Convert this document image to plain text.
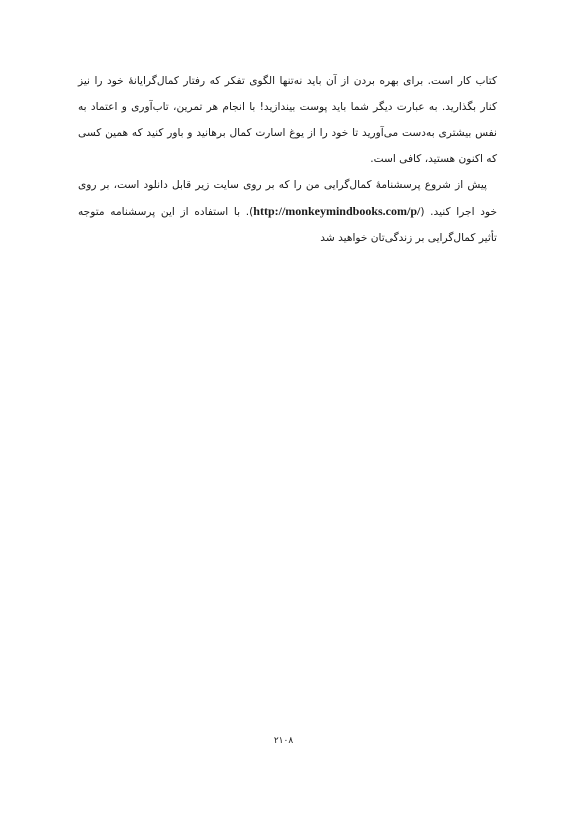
کتاب کار است. برای بهره بردن از آن باید نه‌تنها الگوی تفکر که رفتار کمال‌گرایانهٔ خود را نیز کنار بگذارید. به عبارت دیگر شما باید پوست بیندازید! با انجام هر تمرین، تاب‌آوری و اعتماد به نفس بیشتری به‌دست می‌آورید تا خود را از یوغ اسارت کمال برهانید و باور کنید که همین کسی که اکنون هستید، کافی است.

پیش از شروع پرسشنامهٔ کمال‌گرایی من را که بر روی سایت زیر قابل دانلود است، بر روی خود اجرا کنید. (http://monkeymindbooks.com/p/). با استفاده از این پرسشنامه متوجه تأثیر کمال‌گرایی بر زندگی‌تان خواهید شد

۲۱۰۸
